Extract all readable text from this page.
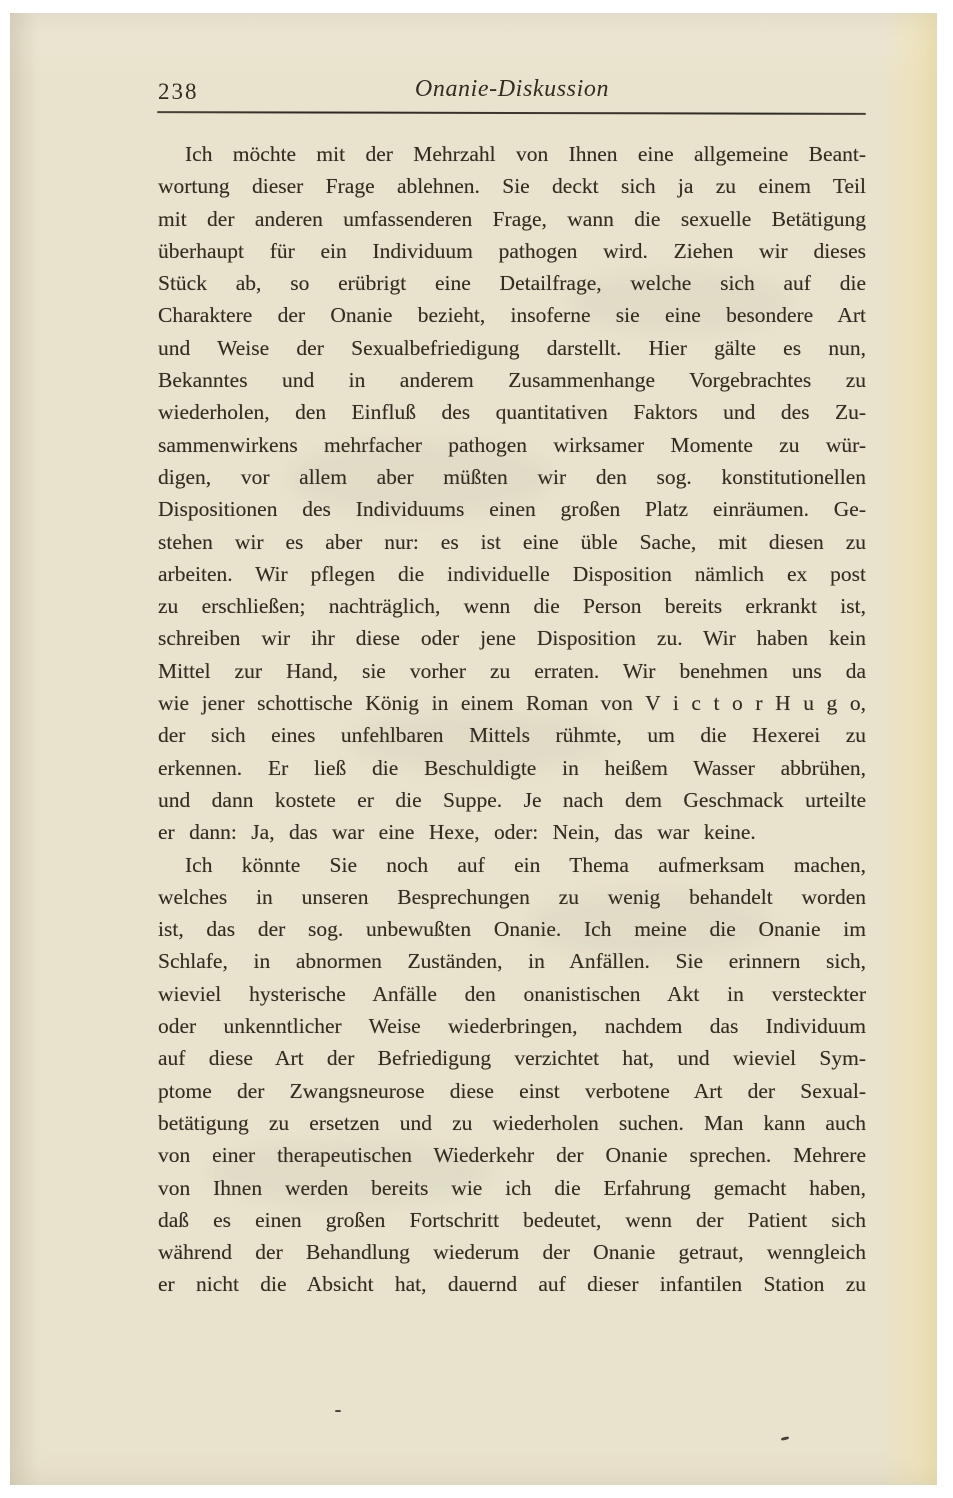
238	Onanie-Diskussion
Ich möchte mit der Mehrzahl von Ihnen eine allgemeine Beant-
wortung dieser Frage ablehnen. Sie deckt sich ja zu einem Teil
mit der anderen umfassenderen Frage, wann die sexuelle Betätigung
überhaupt für ein Individuum pathogen wird. Ziehen wir dieses
Stück ab, so erübrigt eine Detailfrage, welche sich auf die
Charaktere der Onanie bezieht, insoferne sie eine besondere Art
und Weise der Sexualbefriedigung darstellt. Hier gälte es nun,
Bekanntes und in anderem Zusammenhange Vorgebrachtes zu
wiederholen, den Einfluß des quantitativen Faktors und des Zu-
sammenwirkens mehrfacher pathogen wirksamer Momente zu wür-
digen, vor allem aber müßten wir den sog. konstitutionellen
Dispositionen des Individuums einen großen Platz einräumen. Ge-
stehen wir es aber nur: es ist eine üble Sache, mit diesen zu
arbeiten. Wir pflegen die individuelle Disposition nämlich ex post
zu erschließen; nachträglich, wenn die Person bereits erkrankt ist,
schreiben wir ihr diese oder jene Disposition zu. Wir haben kein
Mittel zur Hand, sie vorher zu erraten. Wir benehmen uns da
wie jener schottische König in einem Roman von V i c t o r H u g o,
der sich eines unfehlbaren Mittels rühmte, um die Hexerei zu
erkennen. Er ließ die Beschuldigte in heißem Wasser abbrühen,
und dann kostete er die Suppe. Je nach dem Geschmack urteilte
er dann: Ja, das war eine Hexe, oder: Nein, das war keine.
Ich könnte Sie noch auf ein Thema aufmerksam machen,
welches in unseren Besprechungen zu wenig behandelt worden
ist, das der sog. unbewußten Onanie. Ich meine die Onanie im
Schlafe, in abnormen Zuständen, in Anfällen. Sie erinnern sich,
wieviel hysterische Anfälle den onanistischen Akt in versteckter
oder unkenntlicher Weise wiederbringen, nachdem das Individuum
auf diese Art der Befriedigung verzichtet hat, und wieviel Sym-
ptome der Zwangsneurose diese einst verbotene Art der Sexual-
betätigung zu ersetzen und zu wiederholen suchen. Man kann auch
von einer therapeutischen Wiederkehr der Onanie sprechen. Mehrere
von Ihnen werden bereits wie ich die Erfahrung gemacht haben,
daß es einen großen Fortschritt bedeutet, wenn der Patient sich
während der Behandlung wiederum der Onanie getraut, wenngleich
er nicht die Absicht hat, dauernd auf dieser infantilen Station zu
